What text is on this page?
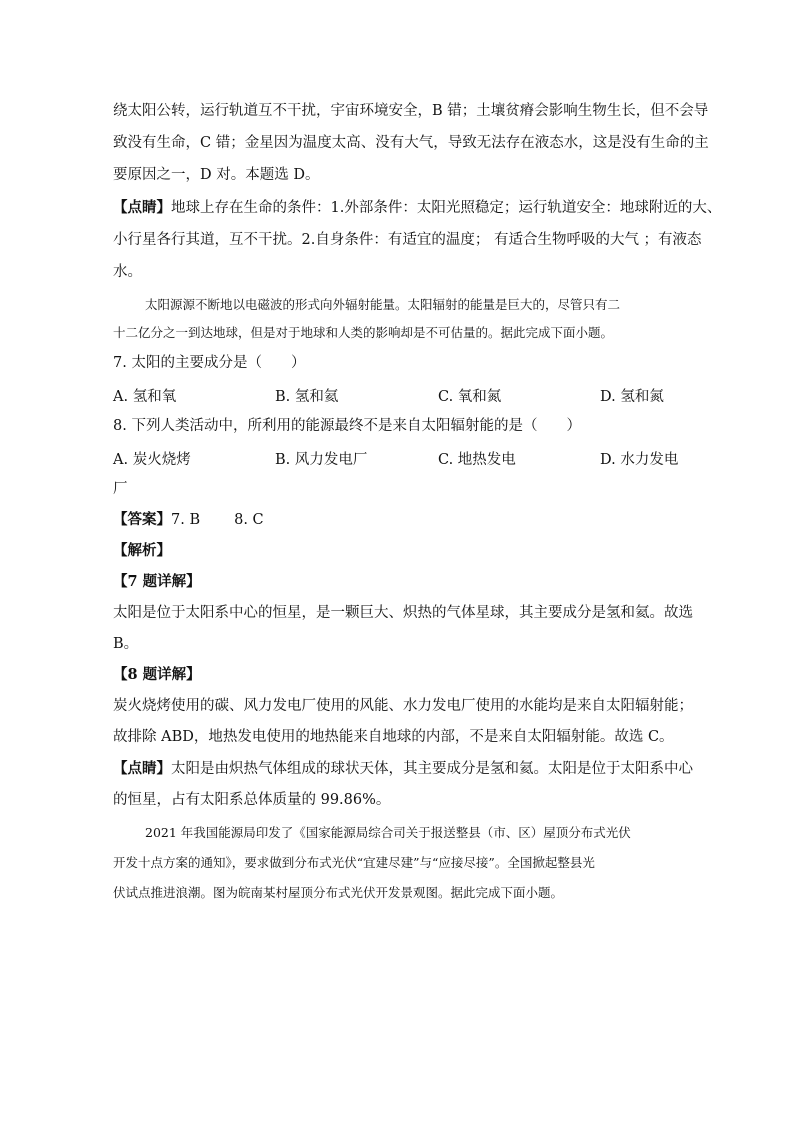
绕太阳公转，运行轨道互不干扰，宇宙环境安全，B 错；土壤贫瘠会影响生物生长，但不会导
致没有生命，C 错；金星因为温度太高、没有大气，导致无法存在液态水，这是没有生命的主
要原因之一，D 对。本题选 D。
【点睛】地球上存在生命的条件：1.外部条件：太阳光照稳定；运行轨道安全：地球附近的大、
小行星各行其道，互不干扰。2.自身条件：有适宜的温度； 有适合生物呼吸的大气 ；有液态
水。
太阳源源不断地以电磁波的形式向外辐射能量。太阳辐射的能量是巨大的，尽管只有二
十二亿分之一到达地球，但是对于地球和人类的影响却是不可估量的。据此完成下面小题。
7. 太阳的主要成分是（　　）
A. 氢和氧	B. 氢和氦	C. 氧和氮	D. 氢和氮
8. 下列人类活动中，所利用的能源最终不是来自太阳辐射能的是（　　）
A. 炭火烧烤	B. 风力发电厂	C. 地热发电	D. 水力发电
厂
【答案】7. B 8. C
【解析】
【7 题详解】
太阳是位于太阳系中心的恒星，是一颗巨大、炽热的气体星球，其主要成分是氢和氦。故选
B。
【8 题详解】
炭火烧烤使用的碳、风力发电厂使用的风能、水力发电厂使用的水能均是来自太阳辐射能；
故排除 ABD，地热发电使用的地热能来自地球的内部，不是来自太阳辐射能。故选 C。
【点睛】太阳是由炽热气体组成的球状天体，其主要成分是氢和氦。太阳是位于太阳系中心
的恒星，占有太阳系总体质量的 99.86%。
2021 年我国能源局印发了《国家能源局综合司关于报送整县（市、区）屋顶分布式光伏
开发十点方案的通知》，要求做到分布式光伏“宜建尽建”与“应接尽接”。全国掀起整县光
伏试点推进浪潮。图为皖南某村屋顶分布式光伏开发景观图。据此完成下面小题。
